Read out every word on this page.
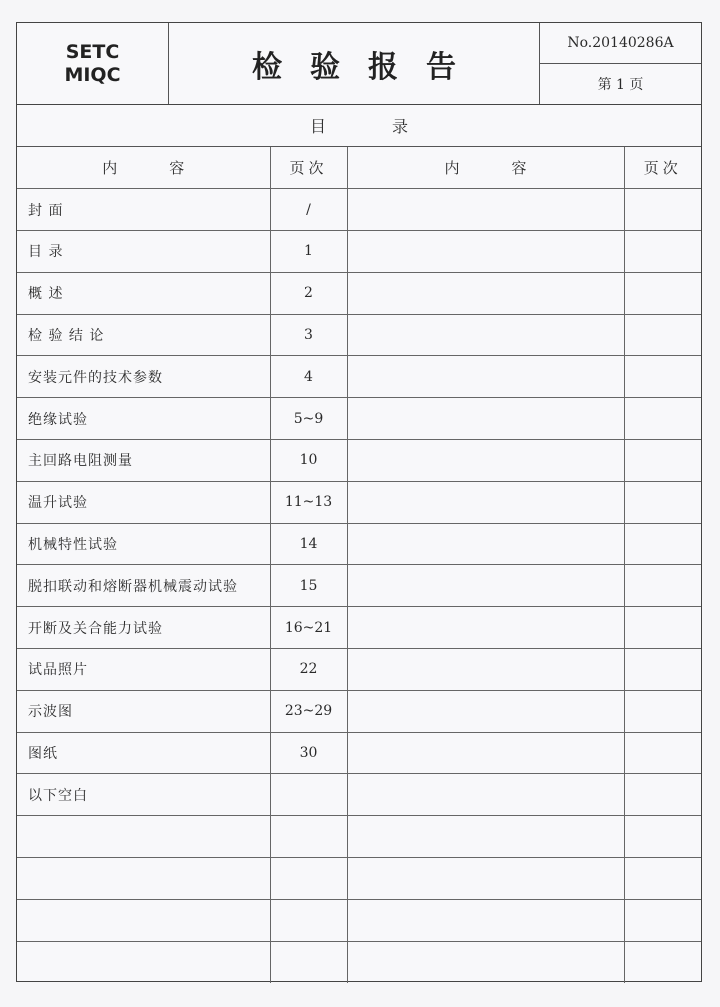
SETC
MIQC	检验报告
No.20140286A
第 1 页
目录
内容	页次	内容	页次
封 面	/		
目 录	1		
概 述	2		
检 验 结 论	3		
安装元件的技术参数	4		
绝缘试验	5~9		
主回路电阻测量	10		
温升试验	11~13		
机械特性试验	14		
脱扣联动和熔断器机械震动试验	15		
开断及关合能力试验	16~21		
试品照片	22		
示波图	23~29		
图纸	30		
以下空白			
